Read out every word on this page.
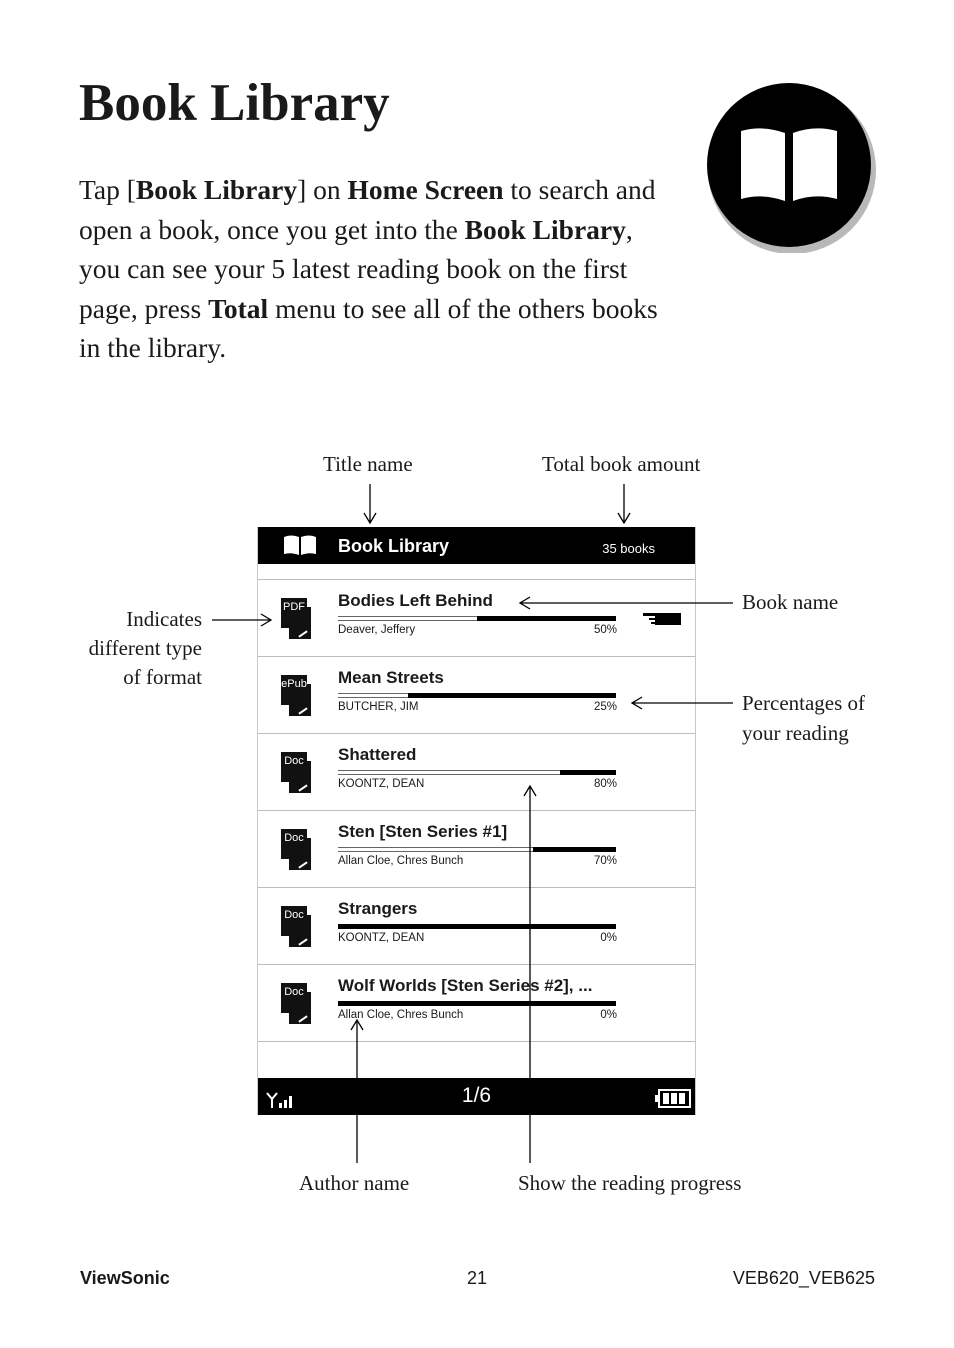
Book Library

Tap [Book Library] on Home Screen to search and open a book, once you get into the Book Library, you can see your 5 latest reading book on the first page, press Total menu to see all of the others books in the library.

Title name	Total book amount
Indicates
different type
of format
Book name
Percentages of
your reading
Author name	Show the reading progress
Book Library	35 books
PDF Bodies Left Behind
Deaver, Jeffery	50%
ePub Mean Streets
BUTCHER, JIM	25%
Doc Shattered
KOONTZ, DEAN	80%
Doc Sten [Sten Series #1]
Allan Cloe, Chres Bunch	70%
Doc Strangers
KOONTZ, DEAN	0%
Doc Wolf Worlds [Sten Series #2], ...
Allan Cloe, Chres Bunch	0%
1/6
ViewSonic	21	VEB620_VEB625
